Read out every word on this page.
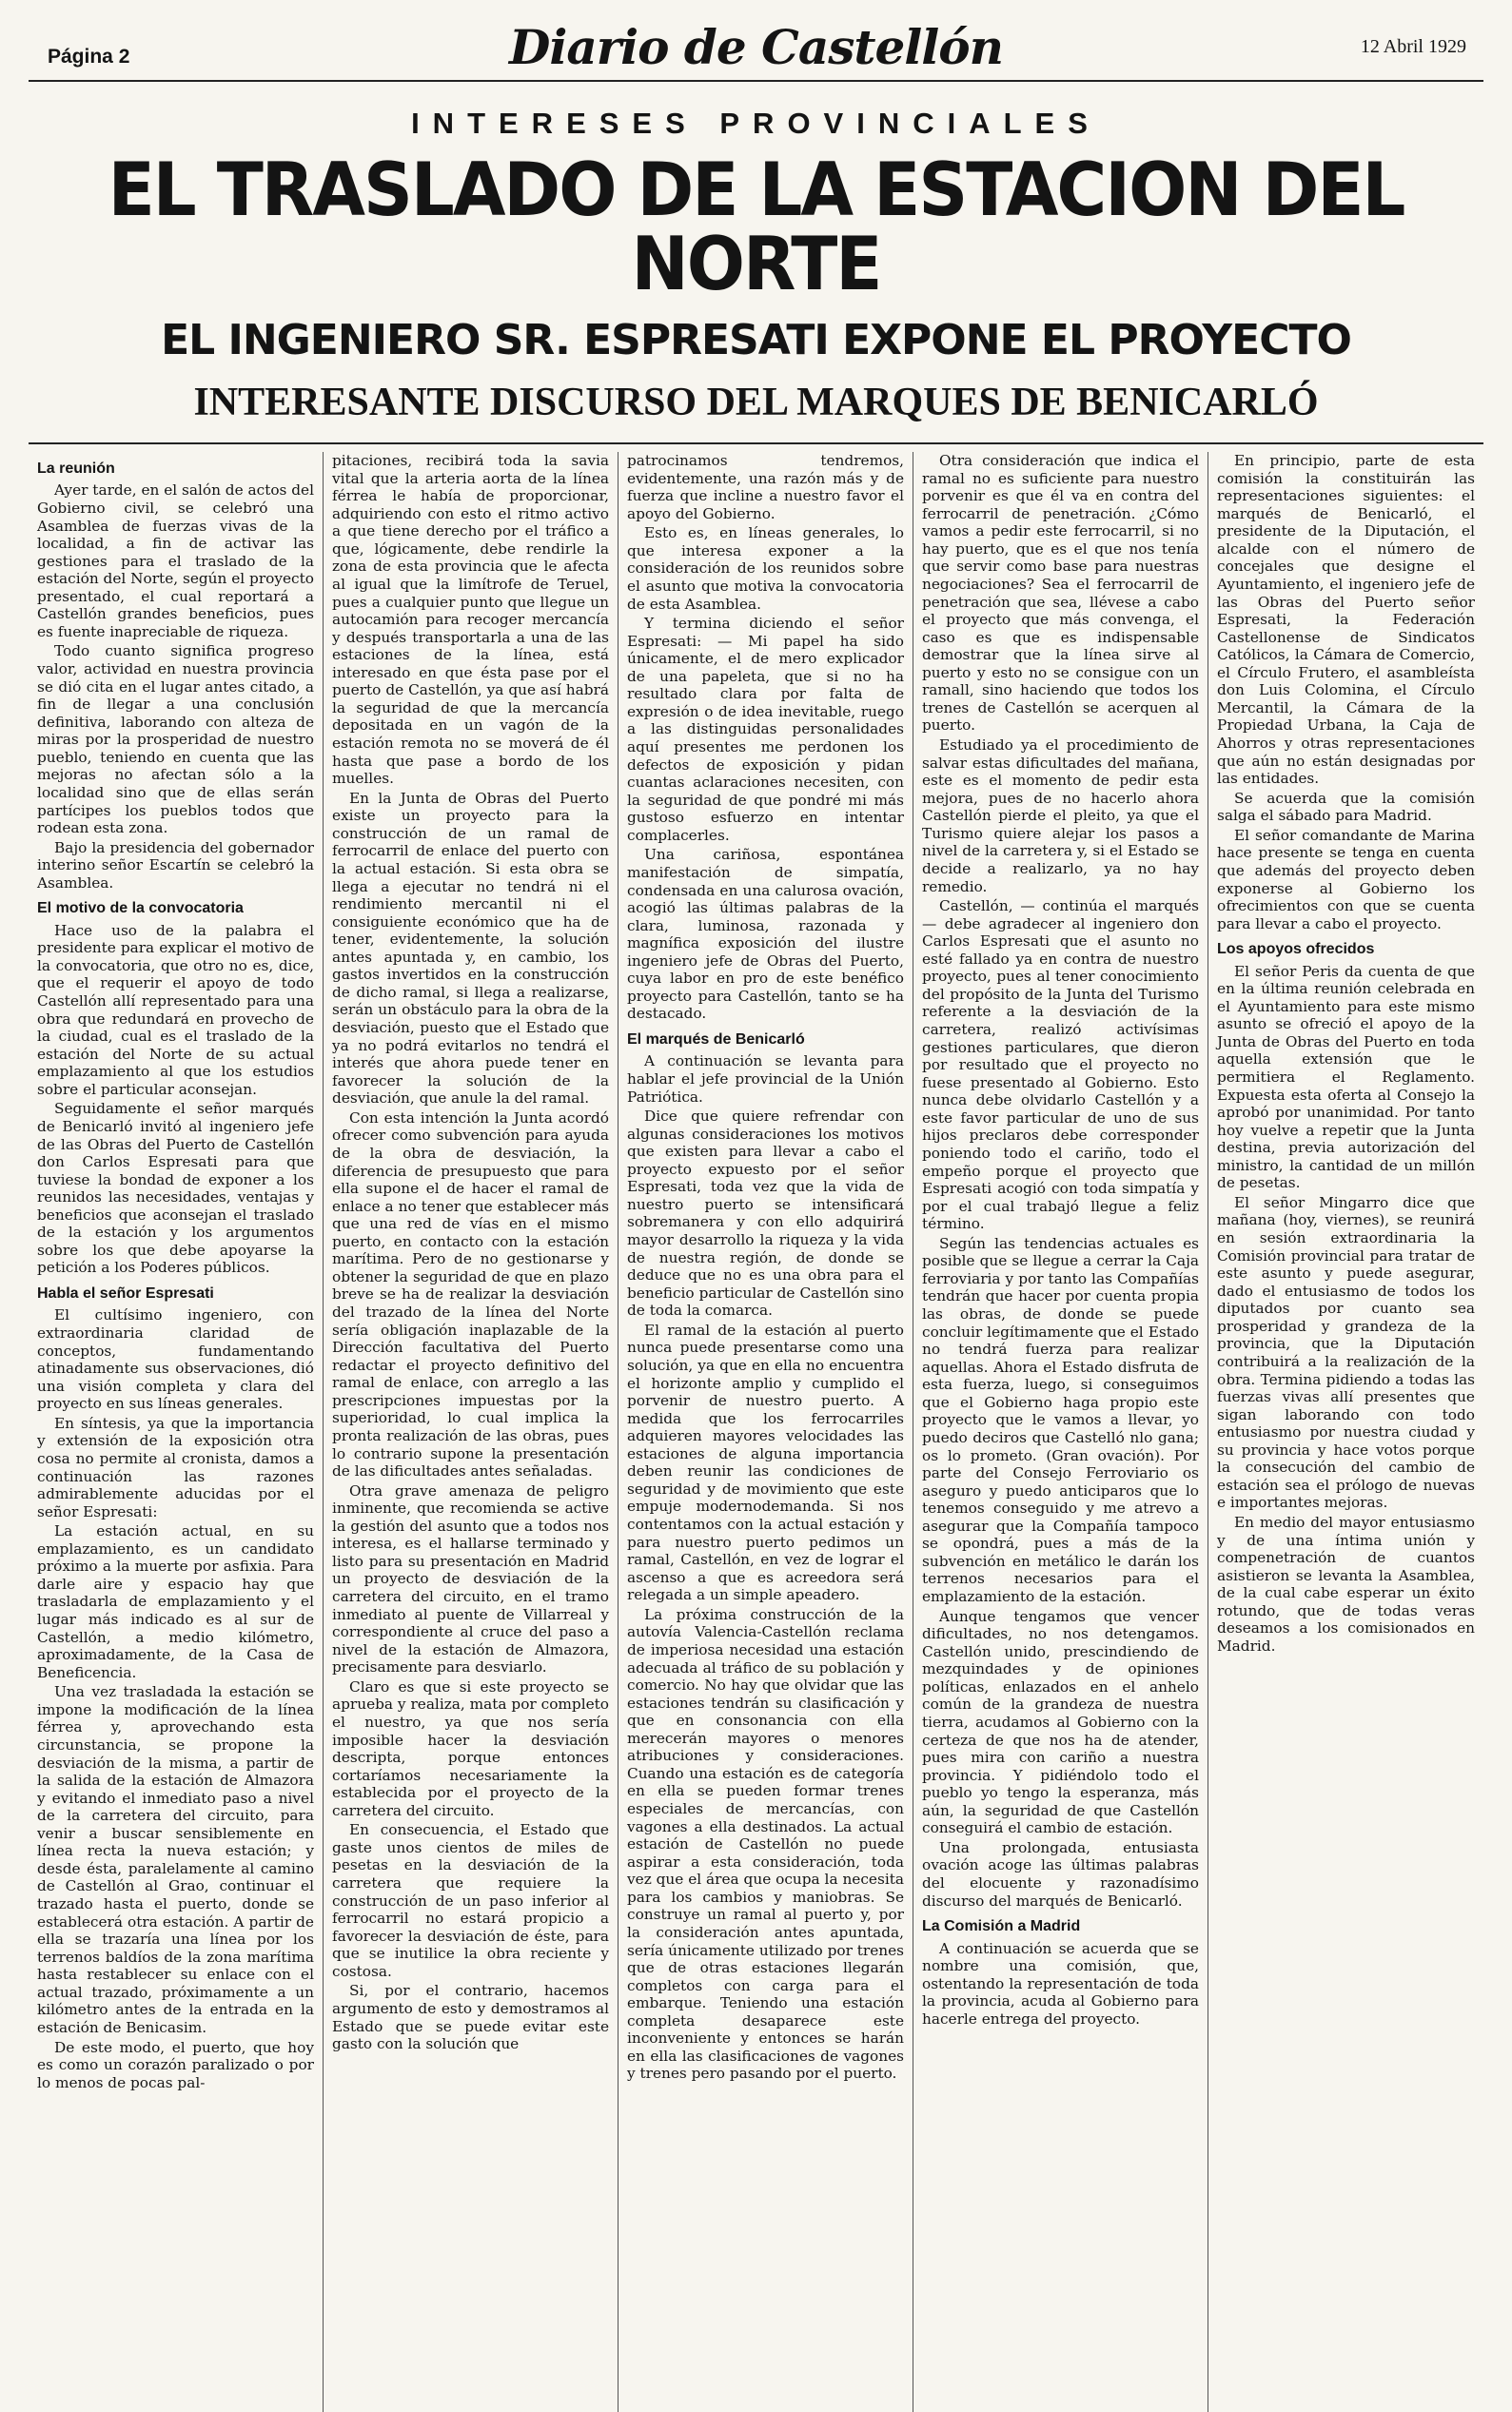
Página 2	Diario de Castellón	12 Abril 1929
INTERESES PROVINCIALES
EL TRASLADO DE LA ESTACION DEL NORTE
EL INGENIERO SR. ESPRESATI EXPONE EL PROYECTO
INTERESANTE DISCURSO DEL MARQUES DE BENICARLÓ
La reunión

Ayer tarde, en el salón de actos del Gobierno civil, se celebró una Asamblea de fuerzas vivas de la localidad, a fin de activar las gestiones para el traslado de la estación del Norte, según el proyecto presentado, el cual reportará a Castellón grandes beneficios, pues es fuente inapreciable de riqueza.

Todo cuanto significa progreso valor, actividad en nuestra provincia se dió cita en el lugar antes citado, a fin de llegar a una conclusión definitiva, laborando con alteza de miras por la prosperidad de nuestro pueblo, teniendo en cuenta que las mejoras no afectan sólo a la localidad sino que de ellas serán partícipes los pueblos todos que rodean esta zona.

Bajo la presidencia del gobernador interino señor Escartín se celebró la Asamblea.

El motivo de la convocatoria

Hace uso de la palabra el presidente para explicar el motivo de la convocatoria, que otro no es, dice, que el requerir el apoyo de todo Castellón allí representado para una obra que redundará en provecho de la ciudad, cual es el traslado de la estación del Norte de su actual emplazamiento al que los estudios sobre el particular aconsejan.

Seguidamente el señor marqués de Benicarló invitó al ingeniero jefe de las Obras del Puerto de Castellón don Carlos Espresati para que tuviese la bondad de exponer a los reunidos las necesidades, ventajas y beneficios que aconsejan el traslado de la estación y los argumentos sobre los que debe apoyarse la petición a los Poderes públicos.

Habla el señor Espresati

El cultísimo ingeniero, con extraordinaria claridad de conceptos, fundamentando atinadamente sus observaciones, dió una visión completa y clara del proyecto en sus líneas generales.

En síntesis, ya que la importancia y extensión de la exposición otra cosa no permite al cronista, damos a continuación las razones admirablemente aducidas por el señor Espresati:

La estación actual, en su emplazamiento, es un candidato próximo a la muerte por asfixia. Para darle aire y espacio hay que trasladarla de emplazamiento y el lugar más indicado es al sur de Castellón, a medio kilómetro, aproximadamente, de la Casa de Beneficencia.

Una vez trasladada la estación se impone la modificación de la línea férrea y, aprovechando esta circunstancia, se propone la desviación de la misma, a partir de la salida de la estación de Almazora y evitando el inmediato paso a nivel de la carretera del circuito, para venir a buscar sensiblemente en línea recta la nueva estación; y desde ésta, paralelamente al camino de Castellón al Grao, continuar el trazado hasta el puerto, donde se establecerá otra estación. A partir de ella se trazaría una línea por los terrenos baldíos de la zona marítima hasta restablecer su enlace con el actual trazado, próximamente a un kilómetro antes de la entrada en la estación de Benicasim.

De este modo, el puerto, que hoy es como un corazón paralizado o por lo menos de pocas pal-

pitaciones, recibirá toda la savia vital que la arteria aorta de la línea férrea le había de proporcionar, adquiriendo con esto el ritmo activo a que tiene derecho por el tráfico a que, lógicamente, debe rendirle la zona de esta provincia que le afecta al igual que la limítrofe de Teruel, pues a cualquier punto que llegue un autocamión para recoger mercancía y después transportarla a una de las estaciones de la línea, está interesado en que ésta pase por el puerto de Castellón, ya que así habrá la seguridad de que la mercancía depositada en un vagón de la estación remota no se moverá de él hasta que pase a bordo de los muelles.

En la Junta de Obras del Puerto existe un proyecto para la construcción de un ramal de ferrocarril de enlace del puerto con la actual estación. Si esta obra se llega a ejecutar no tendrá ni el rendimiento mercantil ni el consiguiente económico que ha de tener, evidentemente, la solución antes apuntada y, en cambio, los gastos invertidos en la construcción de dicho ramal, si llega a realizarse, serán un obstáculo para la obra de la desviación, puesto que el Estado que ya no podrá evitarlos no tendrá el interés que ahora puede tener en favorecer la solución de la desviación, que anule la del ramal.

Con esta intención la Junta acordó ofrecer como subvención para ayuda de la obra de desviación, la diferencia de presupuesto que para ella supone el de hacer el ramal de enlace a no tener que establecer más que una red de vías en el mismo puerto, en contacto con la estación marítima. Pero de no gestionarse y obtener la seguridad de que en plazo breve se ha de realizar la desviación del trazado de la línea del Norte sería obligación inaplazable de la Dirección facultativa del Puerto redactar el proyecto definitivo del ramal de enlace, con arreglo a las prescripciones impuestas por la superioridad, lo cual implica la pronta realización de las obras, pues lo contrario supone la presentación de las dificultades antes señaladas.

Otra grave amenaza de peligro inminente, que recomienda se active la gestión del asunto que a todos nos interesa, es el hallarse terminado y listo para su presentación en Madrid un proyecto de desviación de la carretera del circuito, en el tramo inmediato al puente de Villarreal y correspondiente al cruce del paso a nivel de la estación de Almazora, precisamente para desviarlo.

Claro es que si este proyecto se aprueba y realiza, mata por completo el nuestro, ya que nos sería imposible hacer la desviación descripta, porque entonces cortaríamos necesariamente la establecida por el proyecto de la carretera del circuito.

En consecuencia, el Estado que gaste unos cientos de miles de pesetas en la desviación de la carretera que requiere la construcción de un paso inferior al ferrocarril no estará propicio a favorecer la desviación de éste, para que se inutilice la obra reciente y costosa.

Si, por el contrario, hacemos argumento de esto y demostramos al Estado que se puede evitar este gasto con la solución que

patrocinamos tendremos, evidentemente, una razón más y de fuerza que incline a nuestro favor el apoyo del Gobierno.

Esto es, en líneas generales, lo que interesa exponer a la consideración de los reunidos sobre el asunto que motiva la convocatoria de esta Asamblea.

Y termina diciendo el señor Espresati: — Mi papel ha sido únicamente, el de mero explicador de una papeleta, que si no ha resultado clara por falta de expresión o de idea inevitable, ruego a las distinguidas personalidades aquí presentes me perdonen los defectos de exposición y pidan cuantas aclaraciones necesiten, con la seguridad de que pondré mi más gustoso esfuerzo en intentar complacerles.

Una cariñosa, espontánea manifestación de simpatía, condensada en una calurosa ovación, acogió las últimas palabras de la clara, luminosa, razonada y magnífica exposición del ilustre ingeniero jefe de Obras del Puerto, cuya labor en pro de este benéfico proyecto para Castellón, tanto se ha destacado.

El marqués de Benicarló

A continuación se levanta para hablar el jefe provincial de la Unión Patriótica.

Dice que quiere refrendar con algunas consideraciones los motivos que existen para llevar a cabo el proyecto expuesto por el señor Espresati, toda vez que la vida de nuestro puerto se intensificará sobremanera y con ello adquirirá mayor desarrollo la riqueza y la vida de nuestra región, de donde se deduce que no es una obra para el beneficio particular de Castellón sino de toda la comarca.

El ramal de la estación al puerto nunca puede presentarse como una solución, ya que en ella no encuentra el horizonte amplio y cumplido el porvenir de nuestro puerto. A medida que los ferrocarriles adquieren mayores velocidades las estaciones de alguna importancia deben reunir las condiciones de seguridad y de movimiento que este empuje modernodemanda. Si nos contentamos con la actual estación y para nuestro puerto pedimos un ramal, Castellón, en vez de lograr el ascenso a que es acreedora será relegada a un simple apeadero.

La próxima construcción de la autovía Valencia-Castellón reclama de imperiosa necesidad una estación adecuada al tráfico de su población y comercio. No hay que olvidar que las estaciones tendrán su clasificación y que en consonancia con ella merecerán mayores o menores atribuciones y consideraciones. Cuando una estación es de categoría en ella se pueden formar trenes especiales de mercancías, con vagones a ella destinados. La actual estación de Castellón no puede aspirar a esta consideración, toda vez que el área que ocupa la necesita para los cambios y maniobras. Se construye un ramal al puerto y, por la consideración antes apuntada, sería únicamente utilizado por trenes que de otras estaciones llegarán completos con carga para el embarque. Teniendo una estación completa desaparece este inconveniente y entonces se harán en ella las clasificaciones de vagones y trenes pero pasando por el puerto.

Otra consideración que indica el ramal no es suficiente para nuestro porvenir es que él va en contra del ferrocarril de penetración. ¿Cómo vamos a pedir este ferrocarril, si no hay puerto, que es el que nos tenía que servir como base para nuestras negociaciones? Sea el ferrocarril de penetración que sea, llévese a cabo el proyecto que más convenga, el caso es que es indispensable demostrar que la línea sirve al puerto y esto no se consigue con un ramall, sino haciendo que todos los trenes de Castellón se acerquen al puerto.

Estudiado ya el procedimiento de salvar estas dificultades del mañana, este es el momento de pedir esta mejora, pues de no hacerlo ahora Castellón pierde el pleito, ya que el Turismo quiere alejar los pasos a nivel de la carretera y, si el Estado se decide a realizarlo, ya no hay remedio.

Castellón, — continúa el marqués — debe agradecer al ingeniero don Carlos Espresati que el asunto no esté fallado ya en contra de nuestro proyecto, pues al tener conocimiento del propósito de la Junta del Turismo referente a la desviación de la carretera, realizó activísimas gestiones particulares, que dieron por resultado que el proyecto no fuese presentado al Gobierno. Esto nunca debe olvidarlo Castellón y a este favor particular de uno de sus hijos preclaros debe corresponder poniendo todo el cariño, todo el empeño porque el proyecto que Espresati acogió con toda simpatía y por el cual trabajó llegue a feliz término.

Según las tendencias actuales es posible que se llegue a cerrar la Caja ferroviaria y por tanto las Compañías tendrán que hacer por cuenta propia las obras, de donde se puede concluir legítimamente que el Estado no tendrá fuerza para realizar aquellas. Ahora el Estado disfruta de esta fuerza, luego, si conseguimos que el Gobierno haga propio este proyecto que le vamos a llevar, yo puedo deciros que Castelló nlo gana; os lo prometo. (Gran ovación). Por parte del Consejo Ferroviario os aseguro y puedo anticiparos que lo tenemos conseguido y me atrevo a asegurar que la Compañía tampoco se opondrá, pues a más de la subvención en metálico le darán los terrenos necesarios para el emplazamiento de la estación.

Aunque tengamos que vencer dificultades, no nos detengamos. Castellón unido, prescindiendo de mezquindades y de opiniones políticas, enlazados en el anhelo común de la grandeza de nuestra tierra, acudamos al Gobierno con la certeza de que nos ha de atender, pues mira con cariño a nuestra provincia. Y pidiéndolo todo el pueblo yo tengo la esperanza, más aún, la seguridad de que Castellón conseguirá el cambio de estación.

Una prolongada, entusiasta ovación acoge las últimas palabras del elocuente y razonadísimo discurso del marqués de Benicarló.

La Comisión a Madrid

A continuación se acuerda que se nombre una comisión, que, ostentando la representación de toda la provincia, acuda al Gobierno para hacerle entrega del proyecto.

En principio, parte de esta comisión la constituirán las representaciones siguientes: el marqués de Benicarló, el presidente de la Diputación, el alcalde con el número de concejales que designe el Ayuntamiento, el ingeniero jefe de las Obras del Puerto señor Espresati, la Federación Castellonense de Sindicatos Católicos, la Cámara de Comercio, el Círculo Frutero, el asambleísta don Luis Colomina, el Círculo Mercantil, la Cámara de la Propiedad Urbana, la Caja de Ahorros y otras representaciones que aún no están designadas por las entidades.

Se acuerda que la comisión salga el sábado para Madrid.

El señor comandante de Marina hace presente se tenga en cuenta que además del proyecto deben exponerse al Gobierno los ofrecimientos con que se cuenta para llevar a cabo el proyecto.

Los apoyos ofrecidos

El señor Peris da cuenta de que en la última reunión celebrada en el Ayuntamiento para este mismo asunto se ofreció el apoyo de la Junta de Obras del Puerto en toda aquella extensión que le permitiera el Reglamento. Expuesta esta oferta al Consejo la aprobó por unanimidad. Por tanto hoy vuelve a repetir que la Junta destina, previa autorización del ministro, la cantidad de un millón de pesetas.

El señor Mingarro dice que mañana (hoy, viernes), se reunirá en sesión extraordinaria la Comisión provincial para tratar de este asunto y puede asegurar, dado el entusiasmo de todos los diputados por cuanto sea prosperidad y grandeza de la provincia, que la Diputación contribuirá a la realización de la obra. Termina pidiendo a todas las fuerzas vivas allí presentes que sigan laborando con todo entusiasmo por nuestra ciudad y su provincia y hace votos porque la consecución del cambio de estación sea el prólogo de nuevas e importantes mejoras.

En medio del mayor entusiasmo y de una íntima unión y compenetración de cuantos asistieron se levanta la Asamblea, de la cual cabe esperar un éxito rotundo, que de todas veras deseamos a los comisionados en Madrid.
